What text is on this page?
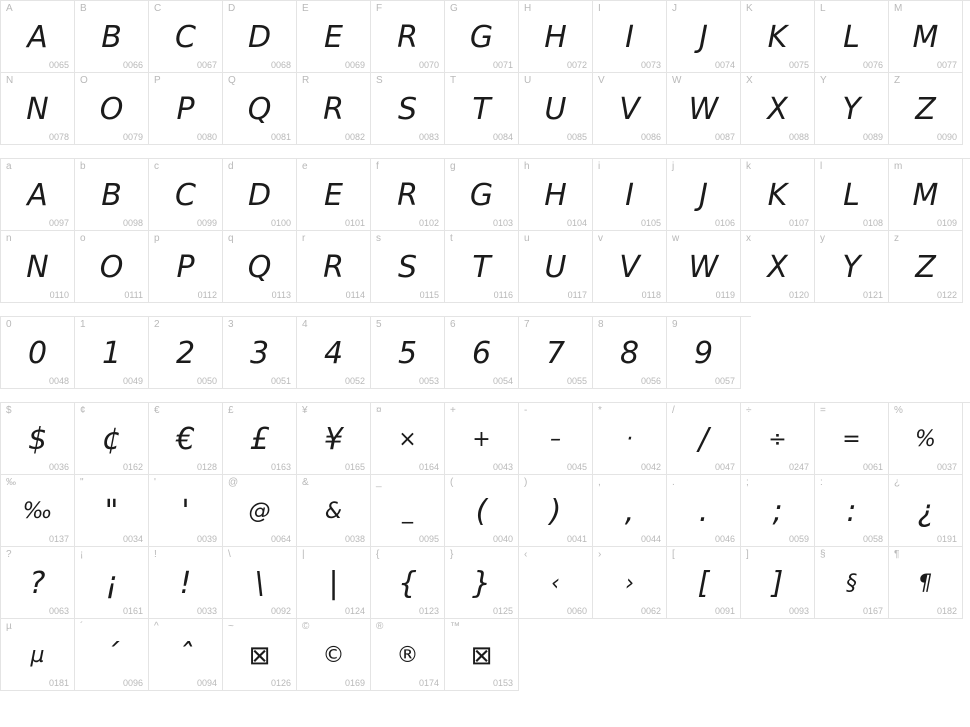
A
A
0065
B
B
0066
C
C
0067
D
D
0068
E
E
0069
F
R
0070
G
G
0071
H
H
0072
I
I
0073
J
J
0074
K
K
0075
L
L
0076
M
M
0077
N
N
0078
O
O
0079
P
P
0080
Q
Q
0081
R
R
0082
S
S
0083
T
T
0084
U
U
0085
V
V
0086
W
W
0087
X
X
0088
Y
Y
0089
Z
Z
0090
a
A
0097
b
B
0098
c
C
0099
d
D
0100
e
E
0101
f
R
0102
g
G
0103
h
H
0104
i
I
0105
j
J
0106
k
K
0107
l
L
0108
m
M
0109
n
N
0110
o
O
0111
p
P
0112
q
Q
0113
r
R
0114
s
S
0115
t
T
0116
u
U
0117
v
V
0118
w
W
0119
x
X
0120
y
Y
0121
z
Z
0122
0
0
0048
1
1
0049
2
2
0050
3
3
0051
4
4
0052
5
5
0053
6
6
0054
7
7
0055
8
8
0056
9
9
0057
$
$
0036
¢
¢
0162
€
€
0128
£
£
0163
¥
¥
0165
¤
×
0164
+
+
0043
-
–
0045
*
·
0042
/
/
0047
÷
÷
0247
=
=
0061
%
%
0037
‰
‰
0137
"
"
0034
'
'
0039
@
@
0064
&
&
0038
_
_
0095
(
(
0040
)
)
0041
,
,
0044
.
.
0046
;
;
0059
:
:
0058
¿
¿
0191
?
?
0063
¡
¡
0161
!
!
0033
\
\
0092
|
|
0124
{
{
0123
}
}
0125
‹
‹
0060
›
›
0062
[
[
0091
]
]
0093
§
§
0167
¶
¶
0182
µ
µ
0181
´
´
0096
^
ˆ
0094
~
⊠
0126
©
©
0169
®
®
0174
™
⊠
0153
